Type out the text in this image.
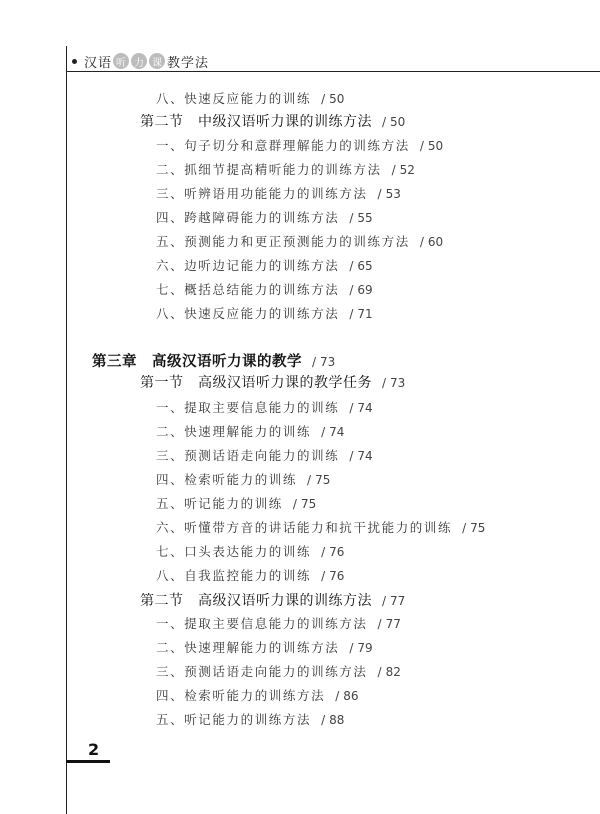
汉语 听 力 课 教学法
八、快速反应能力的训练 / 50
第二节　中级汉语听力课的训练方法 / 50
一、句子切分和意群理解能力的训练方法 / 50
二、抓细节提高精听能力的训练方法 / 52
三、听辨语用功能能力的训练方法 / 53
四、跨越障碍能力的训练方法 / 55
五、预测能力和更正预测能力的训练方法 / 60
六、边听边记能力的训练方法 / 65
七、概括总结能力的训练方法 / 69
八、快速反应能力的训练方法 / 71
第三章　高级汉语听力课的教学 / 73
第一节　高级汉语听力课的教学任务 / 73
一、提取主要信息能力的训练 / 74
二、快速理解能力的训练 / 74
三、预测话语走向能力的训练 / 74
四、检索听能力的训练 / 75
五、听记能力的训练 / 75
六、听懂带方音的讲话能力和抗干扰能力的训练 / 75
七、口头表达能力的训练 / 76
八、自我监控能力的训练 / 76
第二节　高级汉语听力课的训练方法 / 77
一、提取主要信息能力的训练方法 / 77
二、快速理解能力的训练方法 / 79
三、预测话语走向能力的训练方法 / 82
四、检索听能力的训练方法 / 86
五、听记能力的训练方法 / 88
2
